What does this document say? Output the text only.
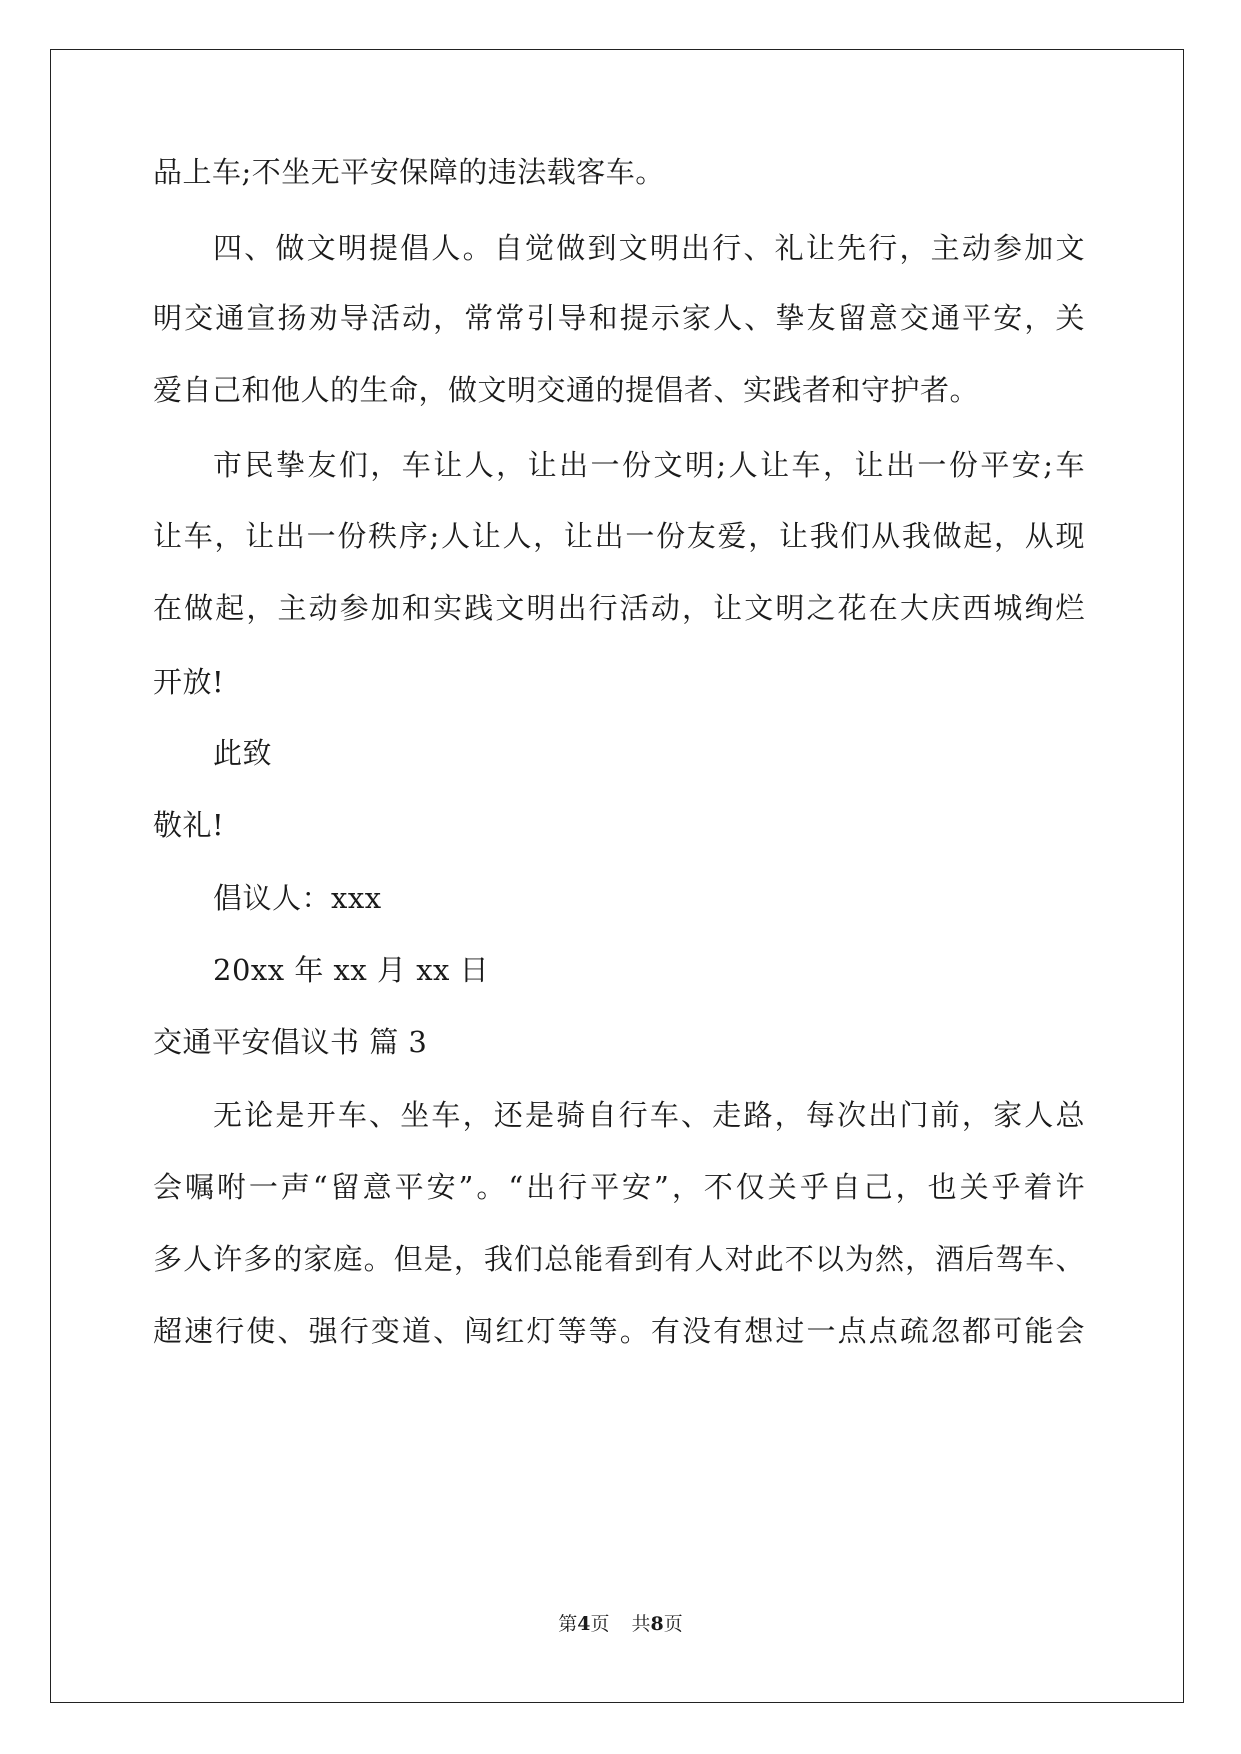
品上车;不坐无平安保障的违法载客车。
四、做文明提倡人。自觉做到文明出行、礼让先行，主动参加文
明交通宣扬劝导活动，常常引导和提示家人、挚友留意交通平安，关
爱自己和他人的生命，做文明交通的提倡者、实践者和守护者。
市民挚友们，车让人，让出一份文明;人让车，让出一份平安;车
让车，让出一份秩序;人让人，让出一份友爱，让我们从我做起，从现
在做起，主动参加和实践文明出行活动，让文明之花在大庆西城绚烂
开放!
此致
敬礼!
倡议人：xxx
20xx 年 xx 月 xx 日
交通平安倡议书 篇 3
无论是开车、坐车，还是骑自行车、走路，每次出门前，家人总
会嘱咐一声“留意平安”。“出行平安”，不仅关乎自己，也关乎着许
多人许多的家庭。但是，我们总能看到有人对此不以为然，酒后驾车、
超速行使、强行变道、闯红灯等等。有没有想过一点点疏忽都可能会
第4页 共8页
